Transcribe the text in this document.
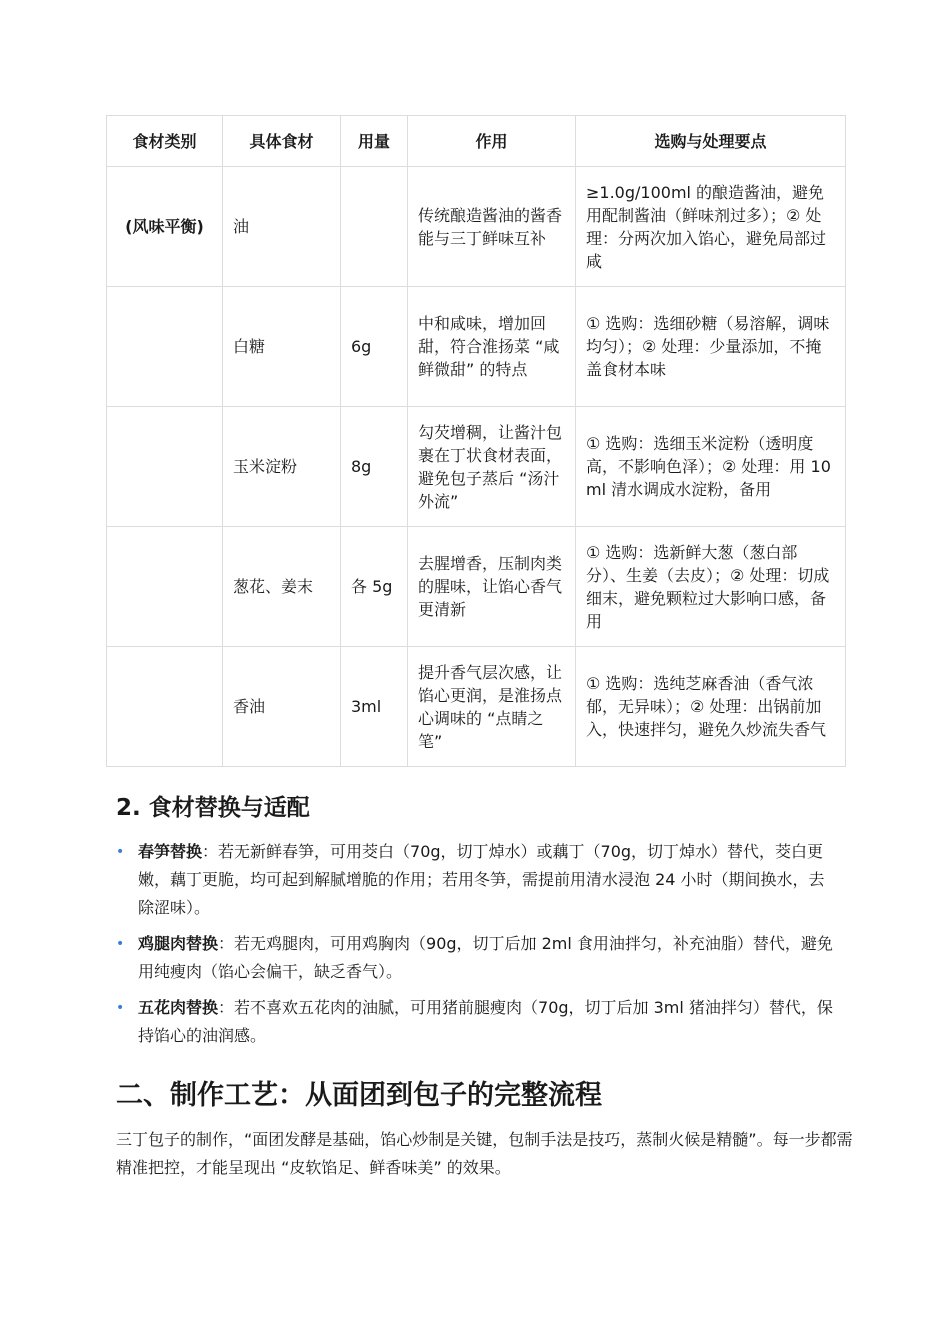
食材类别	具体食材	用量	作用	选购与处理要点
(风味平衡)	油		传统酿造酱油的酱香能与三丁鲜味互补	≥1.0g/100ml 的酿造酱油，避免用配制酱油（鲜味剂过多）；② 处理：分两次加入馅心，避免局部过咸
	白糖	6g	中和咸味，增加回甜，符合淮扬菜 “咸鲜微甜” 的特点	① 选购：选细砂糖（易溶解，调味均匀）；② 处理：少量添加，不掩盖食材本味
	玉米淀粉	8g	勾芡增稠，让酱汁包裹在丁状食材表面，避免包子蒸后 “汤汁外流”	① 选购：选细玉米淀粉（透明度高，不影响色泽）；② 处理：用 10ml 清水调成水淀粉，备用
	葱花、姜末	各 5g	去腥增香，压制肉类的腥味，让馅心香气更清新	① 选购：选新鲜大葱（葱白部分）、生姜（去皮）；② 处理：切成细末，避免颗粒过大影响口感，备用
	香油	3ml	提升香气层次感，让馅心更润，是淮扬点心调味的 “点睛之笔”	① 选购：选纯芝麻香油（香气浓郁，无异味）；② 处理：出锅前加入，快速拌匀，避免久炒流失香气
2. 食材替换与适配
• 春笋替换：若无新鲜春笋，可用茭白（70g，切丁焯水）或藕丁（70g，切丁焯水）替代，茭白更嫩，藕丁更脆，均可起到解腻增脆的作用；若用冬笋，需提前用清水浸泡 24 小时（期间换水，去除涩味）。
• 鸡腿肉替换：若无鸡腿肉，可用鸡胸肉（90g，切丁后加 2ml 食用油拌匀，补充油脂）替代，避免用纯瘦肉（馅心会偏干，缺乏香气）。
• 五花肉替换：若不喜欢五花肉的油腻，可用猪前腿瘦肉（70g，切丁后加 3ml 猪油拌匀）替代，保持馅心的油润感。
二、制作工艺：从面团到包子的完整流程

三丁包子的制作，“面团发酵是基础，馅心炒制是关键，包制手法是技巧，蒸制火候是精髓”。每一步都需精准把控，才能呈现出 “皮软馅足、鲜香味美” 的效果。
